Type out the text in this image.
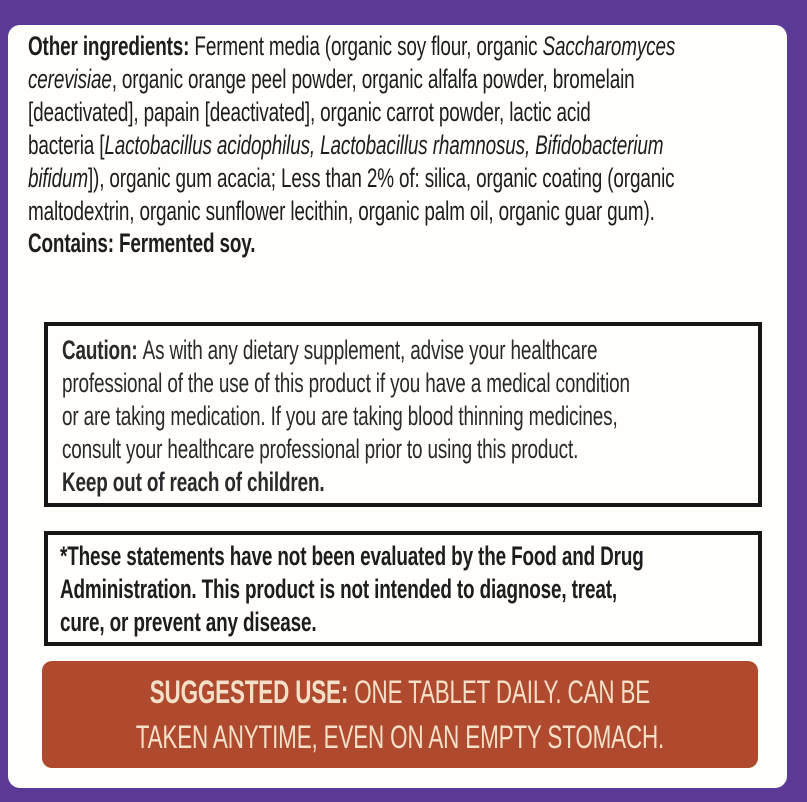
Other ingredients: Ferment media (organic soy flour, organic Saccharomyces
cerevisiae, organic orange peel powder, organic alfalfa powder, bromelain
[deactivated], papain [deactivated], organic carrot powder, lactic acid
bacteria [Lactobacillus acidophilus, Lactobacillus rhamnosus, Bifidobacterium
bifidum]), organic gum acacia; Less than 2% of: silica, organic coating (organic
maltodextrin, organic sunflower lecithin, organic palm oil, organic guar gum).
Contains: Fermented soy.
Caution: As with any dietary supplement, advise your healthcare
professional of the use of this product if you have a medical condition
or are taking medication. If you are taking blood thinning medicines,
consult your healthcare professional prior to using this product.
Keep out of reach of children.
*These statements have not been evaluated by the Food and Drug
Administration. This product is not intended to diagnose, treat,
cure, or prevent any disease.
SUGGESTED USE: ONE TABLET DAILY. CAN BE
TAKEN ANYTIME, EVEN ON AN EMPTY STOMACH.
